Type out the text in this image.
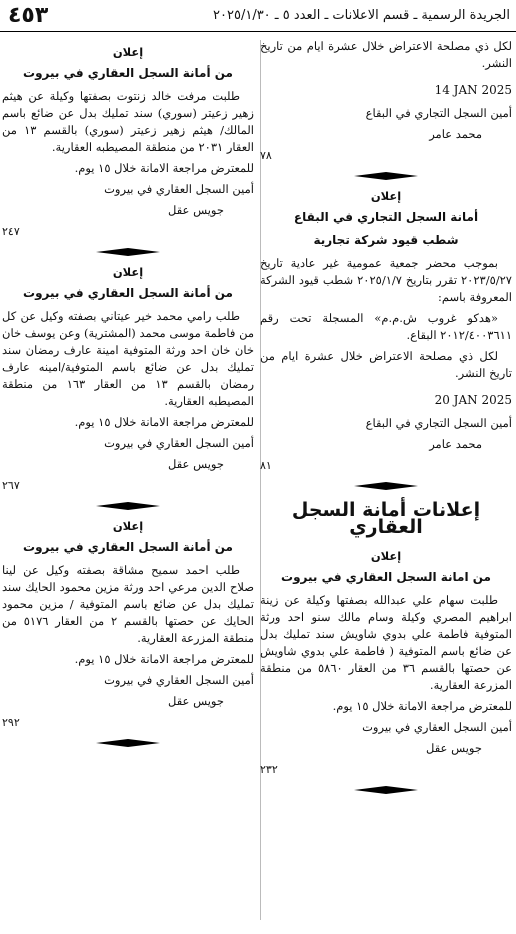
٤٥٣	الجريدة الرسمية ـ قسم الاعلانات ـ العدد ٥ ـ ٢٠٢٥/١/٣٠

لكل ذي مصلحة الاعتراض خلال عشرة ايام من تاريخ النشر.

14 JAN 2025

أمين السجل التجاري في البقاع

محمد عامر

٧٨

إعلان

أمانة السجل التجاري في البقاع

شطب قيود شركة تجارية

بموجب محضر جمعية عمومية غير عادية تاريخ ٢٠٢٣/٥/٢٧ تقرر بتاريخ ٢٠٢٥/١/٧ شطب قيود الشركة المعروفة باسم:

«هدكو غروب ش.م.م» المسجلة تحت رقم ٢٠١٢/٤٠٠٣٦١١ البقاع.

لكل ذي مصلحة الاعتراض خلال عشرة ايام من تاريخ النشر.

20 JAN 2025

أمين السجل التجاري في البقاع

محمد عامر

٨١

إعلانات أمانة السجل العقاري

إعلان

من امانة السجل العقاري في بيروت

طلبت سهام علي عبدالله بصفتها وكيلة عن زينة ابراهيم المصري وكيلة وسام مالك سنو احد ورثة المتوفية فاطمة علي بدوي شاويش سند تمليك بدل عن ضائع باسم المتوفية ( فاطمة علي بدوي شاويش عن حصتها بالقسم ٣٦ من العقار ٥٨٦٠ من منطقة المزرعة العقارية.

للمعترض مراجعة الامانة خلال ١٥ يوم.

أمين السجل العقاري في بيروت

جويس عقل

٢٣٢

إعلان

من أمانة السجل العقاري في بيروت

طلبت مرفت خالد زنتوت بصفتها وكيلة عن هيثم زهير زعيتر (سوري) سند تمليك بدل عن ضائع باسم المالك/ هيثم زهير زعيتر (سوري) بالقسم ١٣ من العقار ٢٠٣١ من منطقة المصيطبه العقارية.

للمعترض مراجعة الامانة خلال ١٥ يوم.

أمين السجل العقاري في بيروت

جويس عقل

٢٤٧

إعلان

من أمانة السجل العقاري في بيروت

طلب رامي محمد خير عيتاني بصفته وكيل عن كل من فاطمة موسى محمد (المشترية) وعن يوسف خان خان خان احد ورثة المتوفية امينة عارف رمضان سند تمليك بدل عن ضائع باسم المتوفية/امينه عارف رمضان بالقسم ١٣ من العقار ١٦٣ من منطقة المصيطبه العقارية.

للمعترض مراجعة الامانة خلال ١٥ يوم.

أمين السجل العقاري في بيروت

جويس عقل

٢٦٧

إعلان

من أمانة السجل العقاري في بيروت

طلب احمد سميح مشاقة بصفته وكيل عن لينا صلاح الدين مرعي احد ورثة مزين محمود الحايك سند تمليك بدل عن ضائع باسم المتوفية / مزين محمود الحايك عن حصتها بالقسم ٢ من العقار ٥١٧٦ من منطقة المزرعة العقارية.

للمعترض مراجعة الامانة خلال ١٥ يوم.

أمين السجل العقاري في بيروت

جويس عقل

٢٩٢
